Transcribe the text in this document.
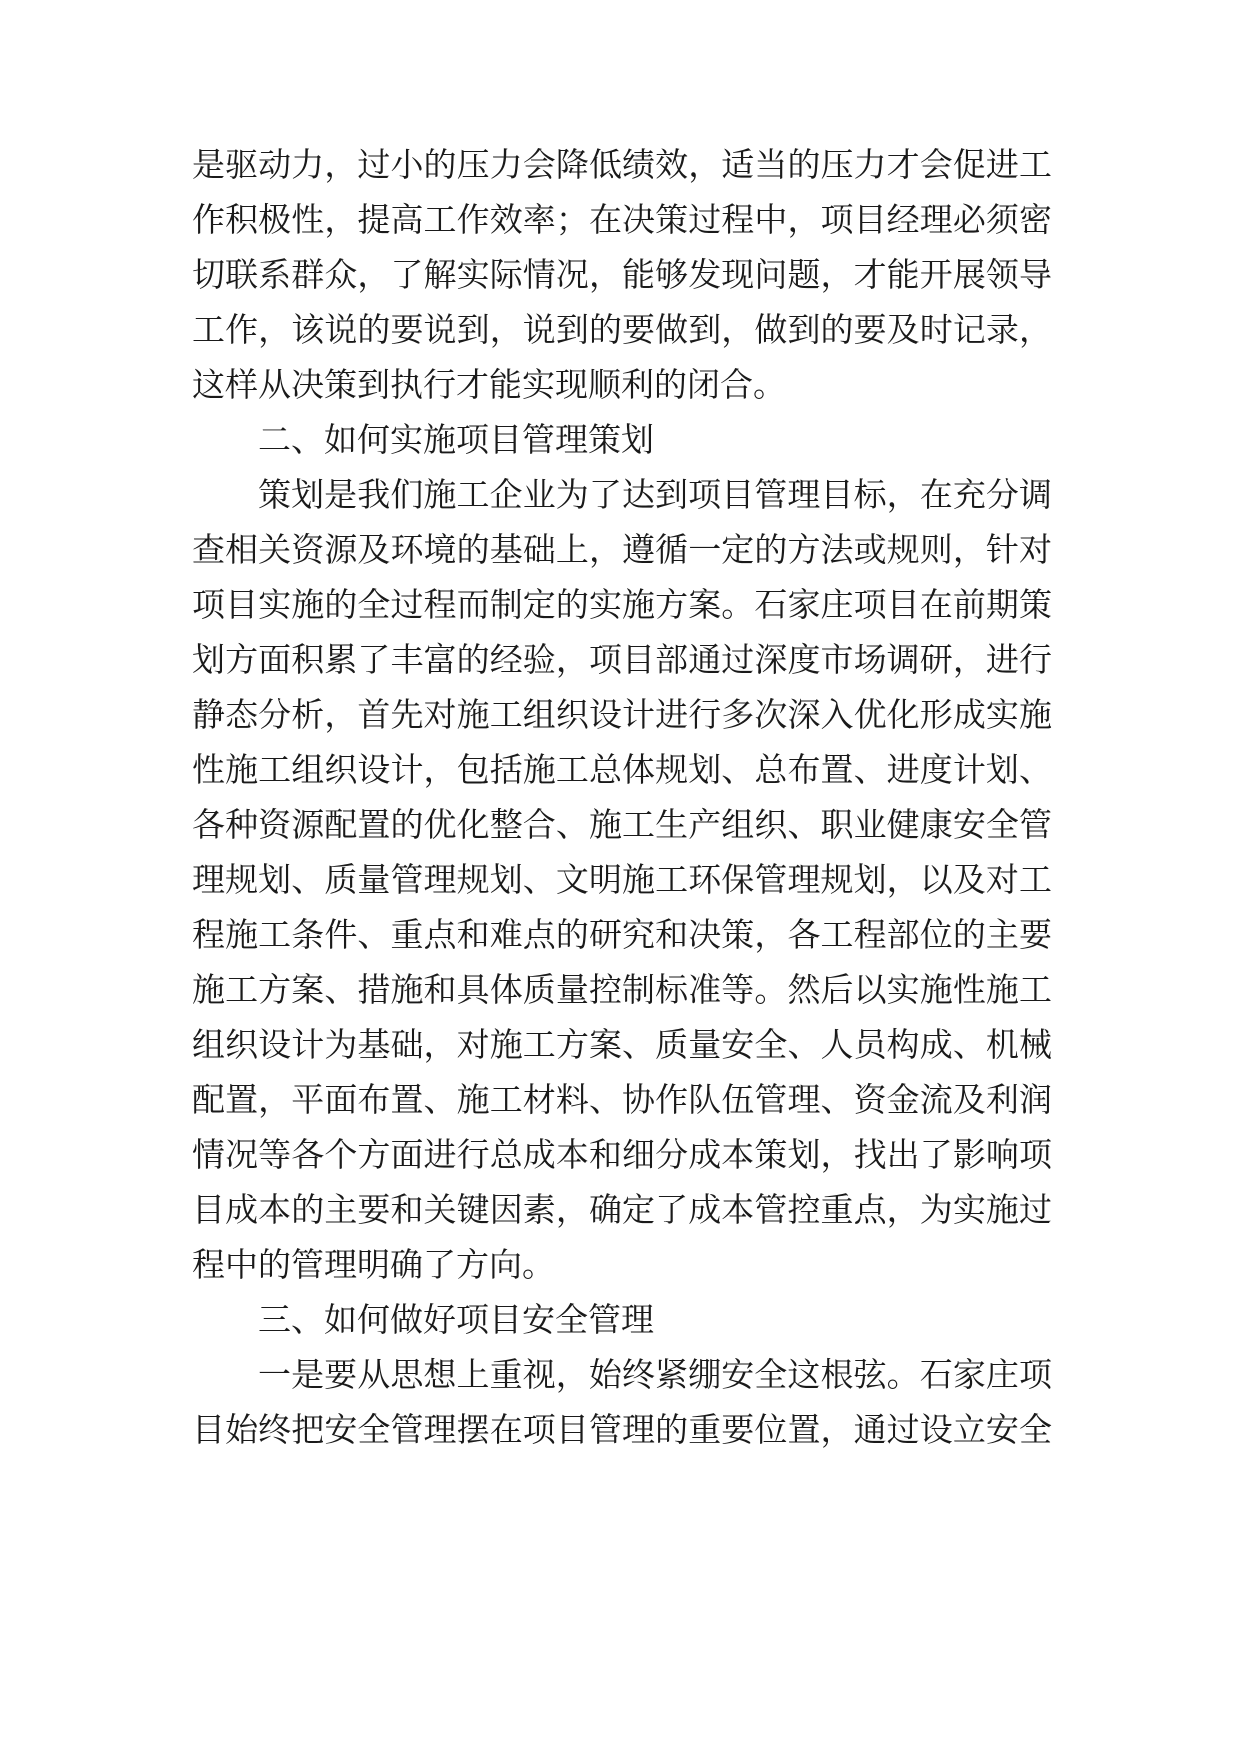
是驱动力，过小的压力会降低绩效，适当的压力才会促进工
作积极性，提高工作效率；在决策过程中，项目经理必须密
切联系群众，了解实际情况，能够发现问题，才能开展领导
工作，该说的要说到，说到的要做到，做到的要及时记录，
这样从决策到执行才能实现顺利的闭合。
二、如何实施项目管理策划
策划是我们施工企业为了达到项目管理目标，在充分调
查相关资源及环境的基础上，遵循一定的方法或规则，针对
项目实施的全过程而制定的实施方案。石家庄项目在前期策
划方面积累了丰富的经验，项目部通过深度市场调研，进行
静态分析，首先对施工组织设计进行多次深入优化形成实施
性施工组织设计，包括施工总体规划、总布置、进度计划、
各种资源配置的优化整合、施工生产组织、职业健康安全管
理规划、质量管理规划、文明施工环保管理规划，以及对工
程施工条件、重点和难点的研究和决策，各工程部位的主要
施工方案、措施和具体质量控制标准等。然后以实施性施工
组织设计为基础，对施工方案、质量安全、人员构成、机械
配置，平面布置、施工材料、协作队伍管理、资金流及利润
情况等各个方面进行总成本和细分成本策划，找出了影响项
目成本的主要和关键因素，确定了成本管控重点，为实施过
程中的管理明确了方向。
三、如何做好项目安全管理
一是要从思想上重视，始终紧绷安全这根弦。石家庄项
目始终把安全管理摆在项目管理的重要位置，通过设立安全
